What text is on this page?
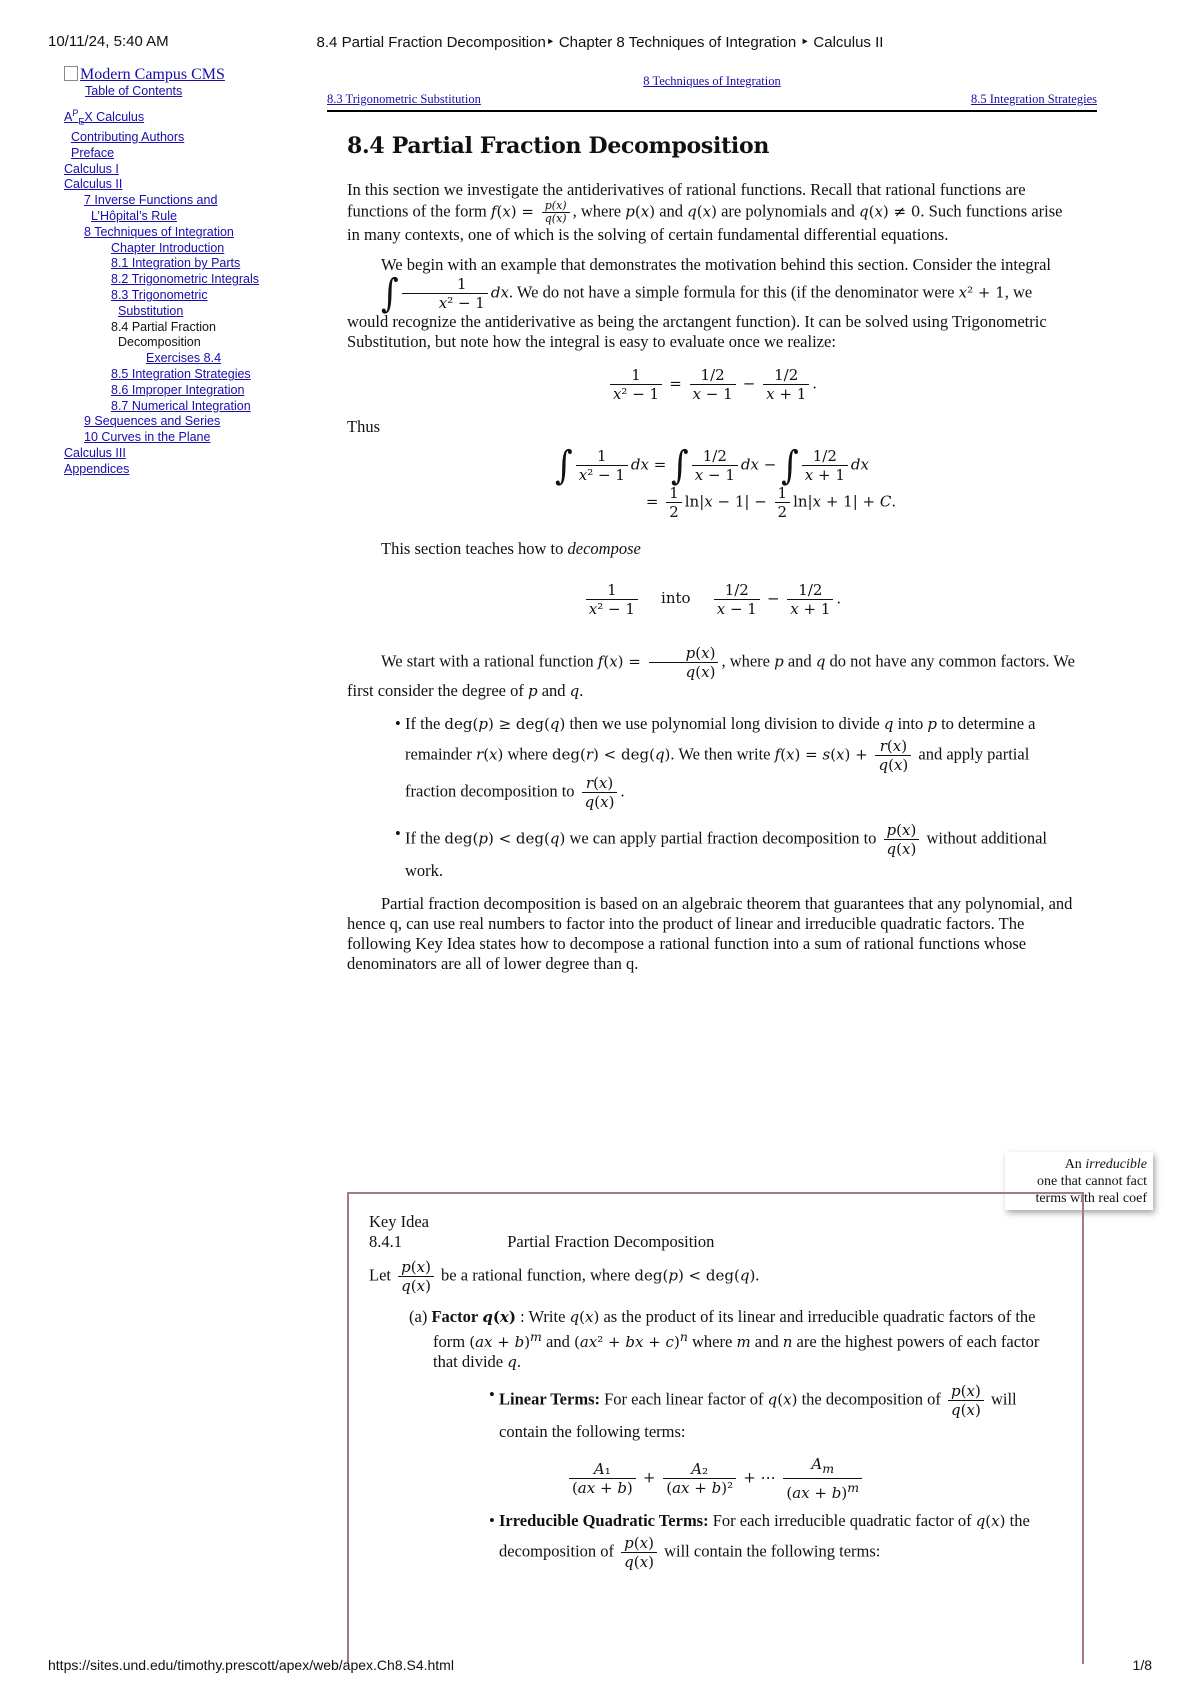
10/11/24, 5:40 AM	8.4 Partial Fraction Decomposition‣ Chapter 8 Techniques of Integration ‣ Calculus II
Modern Campus CMS
Table of Contents
$A^P_EX$ Calculus
Contributing Authors
Preface
Calculus I
Calculus II
7 Inverse Functions and
L’Hôpital’s Rule
8 Techniques of Integration
Chapter Introduction
8.1 Integration by Parts
8.2 Trigonometric Integrals
8.3 Trigonometric
Substitution
8.4 Partial Fraction
Decomposition
Exercises 8.4
8.5 Integration Strategies
8.6 Improper Integration
8.7 Numerical Integration
9 Sequences and Series
10 Curves in the Plane
Calculus III
Appendices
8 Techniques of Integration
8.3 Trigonometric Substitution	8.5 Integration Strategies
8.4 Partial Fraction Decomposition

In this section we investigate the antiderivatives of rational functions. Recall that rational functions are functions of the form $f(x) = \frac{p(x)}{q(x)}$ , where p(x) and q(x) are polynomials and q(x) ≠ 0. Such functions arise in many contexts, one of which is the solving of certain fundamental differential equations.

We begin with an example that demonstrates the motivation behind this section. Consider the integral ∫ $\frac{1}{\text{x² − 1}}$ dx. We do not have a simple formula for this (if the denominator were x² + 1, we would recognize the antiderivative as being the arctangent function). It can be solved using Trigonometric Substitution, but note how the integral is easy to evaluate once we realize:

$\frac{1}{\text{x² − 1}} = \frac{1/2}{x - 1} - \frac{1/2}{x + 1}$ .

Thus

∫ $\frac{1}{\text{x² − 1}}$ dx = ∫ $\frac{1/2}{x - 1}$ dx − ∫ $\frac{1/2}{x + 1}$ dx
= $\frac{1}{2} \ln|x - 1| - \frac{1}{2} \ln|x + 1| + C$.

This section teaches how to decompose

$\frac{1}{\text{x² − 1}}$ into $\frac{1/2}{x - 1} - \frac{1/2}{x + 1}$ .

We start with a rational function $f(x) = \frac{p(x)}{q(x)}$ , where p and q do not have any common factors. We first consider the degree of p and q.

• If the deg(p) ≥ deg(q) then we use polynomial long division to divide q into p to determine a remainder r(x) where deg(r) < deg(q). We then write $f(x) = s(x) + \frac{r(x)}{q(x)}$ and apply partial fraction decomposition to $\frac{r(x)}{q(x)}$ .
• If the deg(p) < deg(q) we can apply partial fraction decomposition to $\frac{p(x)}{q(x)}$ without additional work.

Partial fraction decomposition is based on an algebraic theorem that guarantees that any polynomial, and hence q, can use real numbers to factor into the product of linear and irreducible quadratic factors. The following Key Idea states how to decompose a rational function into a sum of rational functions whose denominators are all of lower degree than q.

An irreducible
one that cannot fact
terms with real coef
Key Idea 8.4.1	Partial Fraction Decomposition
Let $\frac{p(x)}{q(x)}$ be a rational function, where deg(p) < deg(q).
(a) Factor q(x) : Write q(x) as the product of its linear and irreducible quadratic factors of the form (ax + b)$^m$ and (ax² + bx + c)$^n$ where m and n are the highest powers of each factor that divide q.
• Linear Terms: For each linear factor of q(x) the decomposition of $\frac{p(x)}{q(x)}$ will contain the following terms:
$\frac{\text{A₁}}{(ax + b)} + \frac{\text{A₂}}{\text{(ax + b)²}}$ + ⋯ $\frac{A_m}{(ax + b)^m}$
• Irreducible Quadratic Terms: For each irreducible quadratic factor of q(x) the decomposition of $\frac{p(x)}{q(x)}$ will contain the following terms:
https://sites.und.edu/timothy.prescott/apex/web/apex.Ch8.S4.html	1/8
